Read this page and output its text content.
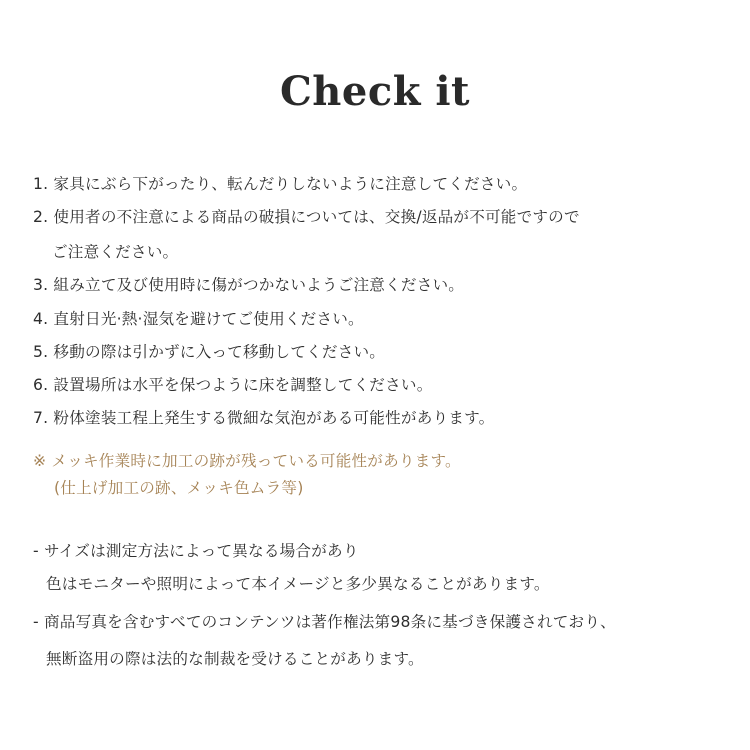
Check it
1. 家具にぶら下がったり、転んだりしないように注意してください。
2. 使用者の不注意による商品の破損については、交換/返品が不可能ですので
ご注意ください。
3. 組み立て及び使用時に傷がつかないようご注意ください。
4. 直射日光·熱·湿気を避けてご使用ください。
5. 移動の際は引かずに入って移動してください。
6. 設置場所は水平を保つように床を調整してください。
7. 粉体塗装工程上発生する微細な気泡がある可能性があります。
※ メッキ作業時に加工の跡が残っている可能性があります。
(仕上げ加工の跡、メッキ色ムラ等)
- サイズは測定方法によって異なる場合があり
色はモニターや照明によって本イメージと多少異なることがあります。
- 商品写真を含むすべてのコンテンツは著作権法第98条に基づき保護されており、
無断盗用の際は法的な制裁を受けることがあります。
